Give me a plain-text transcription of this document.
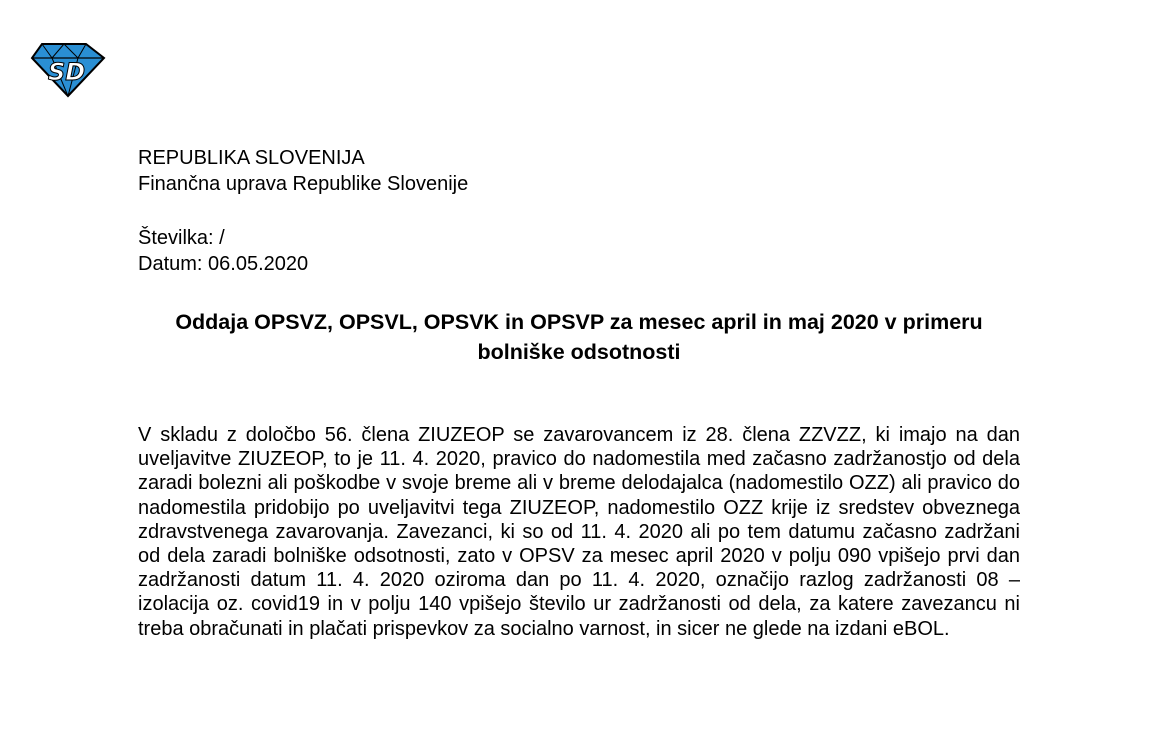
SD
REPUBLIKA SLOVENIJA
Finančna uprava Republike Slovenije
Številka: /
Datum: 06.05.2020
Oddaja OPSVZ, OPSVL, OPSVK in OPSVP za mesec april in maj 2020 v primeru bolniške odsotnosti
V skladu z določbo 56. člena ZIUZEOP se zavarovancem iz 28. člena ZZVZZ, ki imajo na dan uveljavitve ZIUZEOP, to je 11. 4. 2020, pravico do nadomestila med začasno zadržanostjo od dela zaradi bolezni ali poškodbe v svoje breme ali v breme delodajalca (nadomestilo OZZ) ali pravico do nadomestila pridobijo po uveljavitvi tega ZIUZEOP, nadomestilo OZZ krije iz sredstev obveznega zdravstvenega zavarovanja. Zavezanci, ki so od 11. 4. 2020 ali po tem datumu začasno zadržani od dela zaradi bolniške odsotnosti, zato v OPSV za mesec april 2020 v polju 090 vpišejo prvi dan zadržanosti datum 11. 4. 2020 oziroma dan po 11. 4. 2020, označijo razlog zadržanosti 08 – izolacija oz. covid19 in v polju 140 vpišejo število ur zadržanosti od dela, za katere zavezancu ni treba obračunati in plačati prispevkov za socialno varnost, in sicer ne glede na izdani eBOL.
